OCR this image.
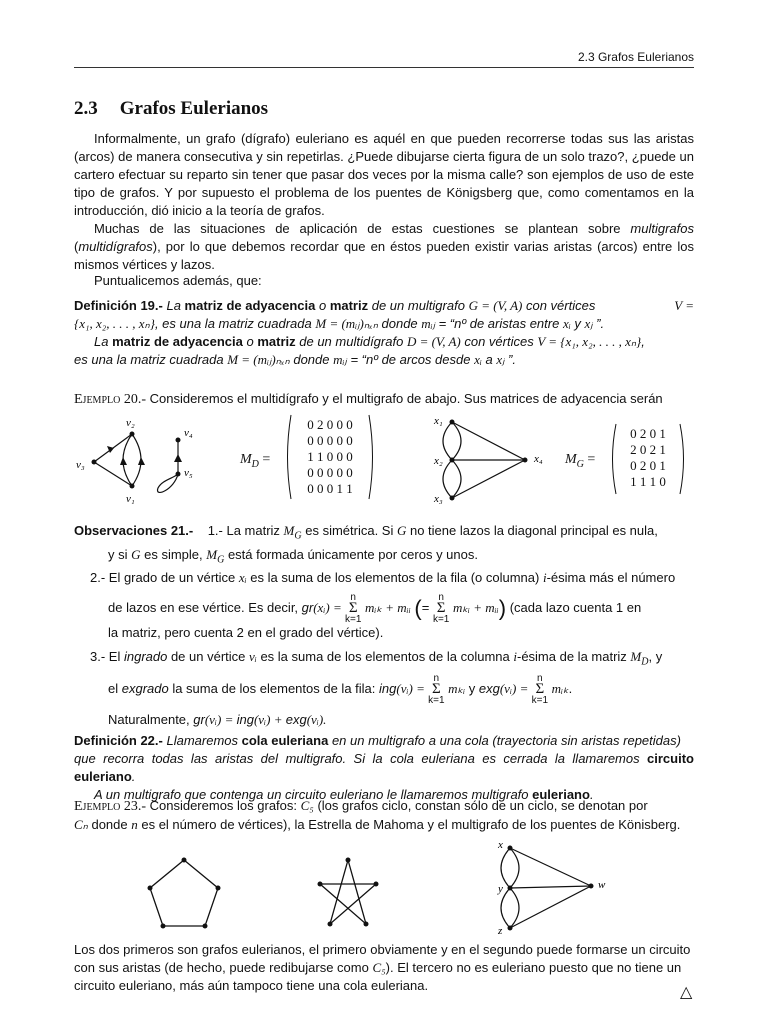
2.3 Grafos Eulerianos
2.3 Grafos Eulerianos
Informalmente, un grafo (dígrafo) euleriano es aquél en que pueden recorrerse todas sus las aristas (arcos) de manera consecutiva y sin repetirlas. ¿Puede dibujarse cierta figura de un solo trazo?, ¿puede un cartero efectuar su reparto sin tener que pasar dos veces por la misma calle? son ejemplos de uso de este tipo de grafos. Y por supuesto el problema de los puentes de Königsberg que, como comentamos en la introducción, dió inicio a la teoría de grafos.
Muchas de las situaciones de aplicación de estas cuestiones se plantean sobre multigrafos (multidígrafos), por lo que debemos recordar que en éstos pueden existir varias aristas (arcos) entre los mismos vértices y lazos.
Puntualicemos además, que:
Definición 19.- La matriz de adyacencia o matriz de un multigrafo G = (V, A) con vértices	V =
{x₁, x₂, . . . , xₙ}, es una la matriz cuadrada M = (mᵢⱼ)ₙₓₙ donde mᵢⱼ = “nº de aristas entre xᵢ y xⱼ ”.
La matriz de adyacencia o matriz de un multidígrafo D = (V, A) con vértices V = {x₁, x₂, . . . , xₙ},
es una la matriz cuadrada M = (mᵢⱼ)ₙₓₙ donde mᵢⱼ = “nº de arcos desde xᵢ a xⱼ ”.
Ejemplo 20.- Consideremos el multidígrafo y el multigrafo de abajo. Sus matrices de adyacencia serán
v₂
v₄
v₃
v₅
v₁
$M_D$ =
0 2 0 0 0
0 0 0 0 0
1 1 0 0 0
0 0 0 0 0
0 0 0 1 1
x₁
x₂	x₄
x₃
$M_G$ =
0 2 0 1
2 0 2 1
0 2 0 1
1 1 1 0
Observaciones 21.- 1.- La matriz $M_G$ es simétrica. Si G no tiene lazos la diagonal principal es nula,
y si G es simple, $M_G$ está formada únicamente por ceros y unos.
2.- El grado de un vértice xᵢ es la suma de los elementos de la fila (o columna) i-ésima más el número
de lazos en ese vértice. Es decir, gr(xᵢ) = n
Σ
k=1 mᵢₖ + mᵢᵢ (= n
Σ
k=1 mₖᵢ + mᵢᵢ) (cada lazo cuenta 1 en
la matriz, pero cuenta 2 en el grado del vértice).
3.- El ingrado de un vértice vᵢ es la suma de los elementos de la columna i-ésima de la matriz $M_D$, y
el exgrado la suma de los elementos de la fila: ing(vᵢ) = n
Σ
k=1 mₖᵢ y exg(vᵢ) = n
Σ
k=1 mᵢₖ.
Naturalmente, gr(vᵢ) = ing(vᵢ) + exg(vᵢ).
Definición 22.- Llamaremos cola euleriana en un multigrafo a una cola (trayectoria sin aristas repetidas)
que recorra todas las aristas del multigrafo. Si la cola euleriana es cerrada la llamaremos circuito euleriano.
A un multigrafo que contenga un circuito euleriano le llamaremos multigrafo euleriano.
Ejemplo 23.- Consideremos los grafos: C₅ (los grafos ciclo, constan sólo de un ciclo, se denotan por
Cₙ donde n es el número de vértices), la Estrella de Mahoma y el multigrafo de los puentes de Könisberg.
x
y	w
z
Los dos primeros son grafos eulerianos, el primero obviamente y en el segundo puede formarse un circuito
con sus aristas (de hecho, puede redibujarse como C₅). El tercero no es euleriano puesto que no tiene un
circuito euleriano, más aún tampoco tiene una cola euleriana.	△
